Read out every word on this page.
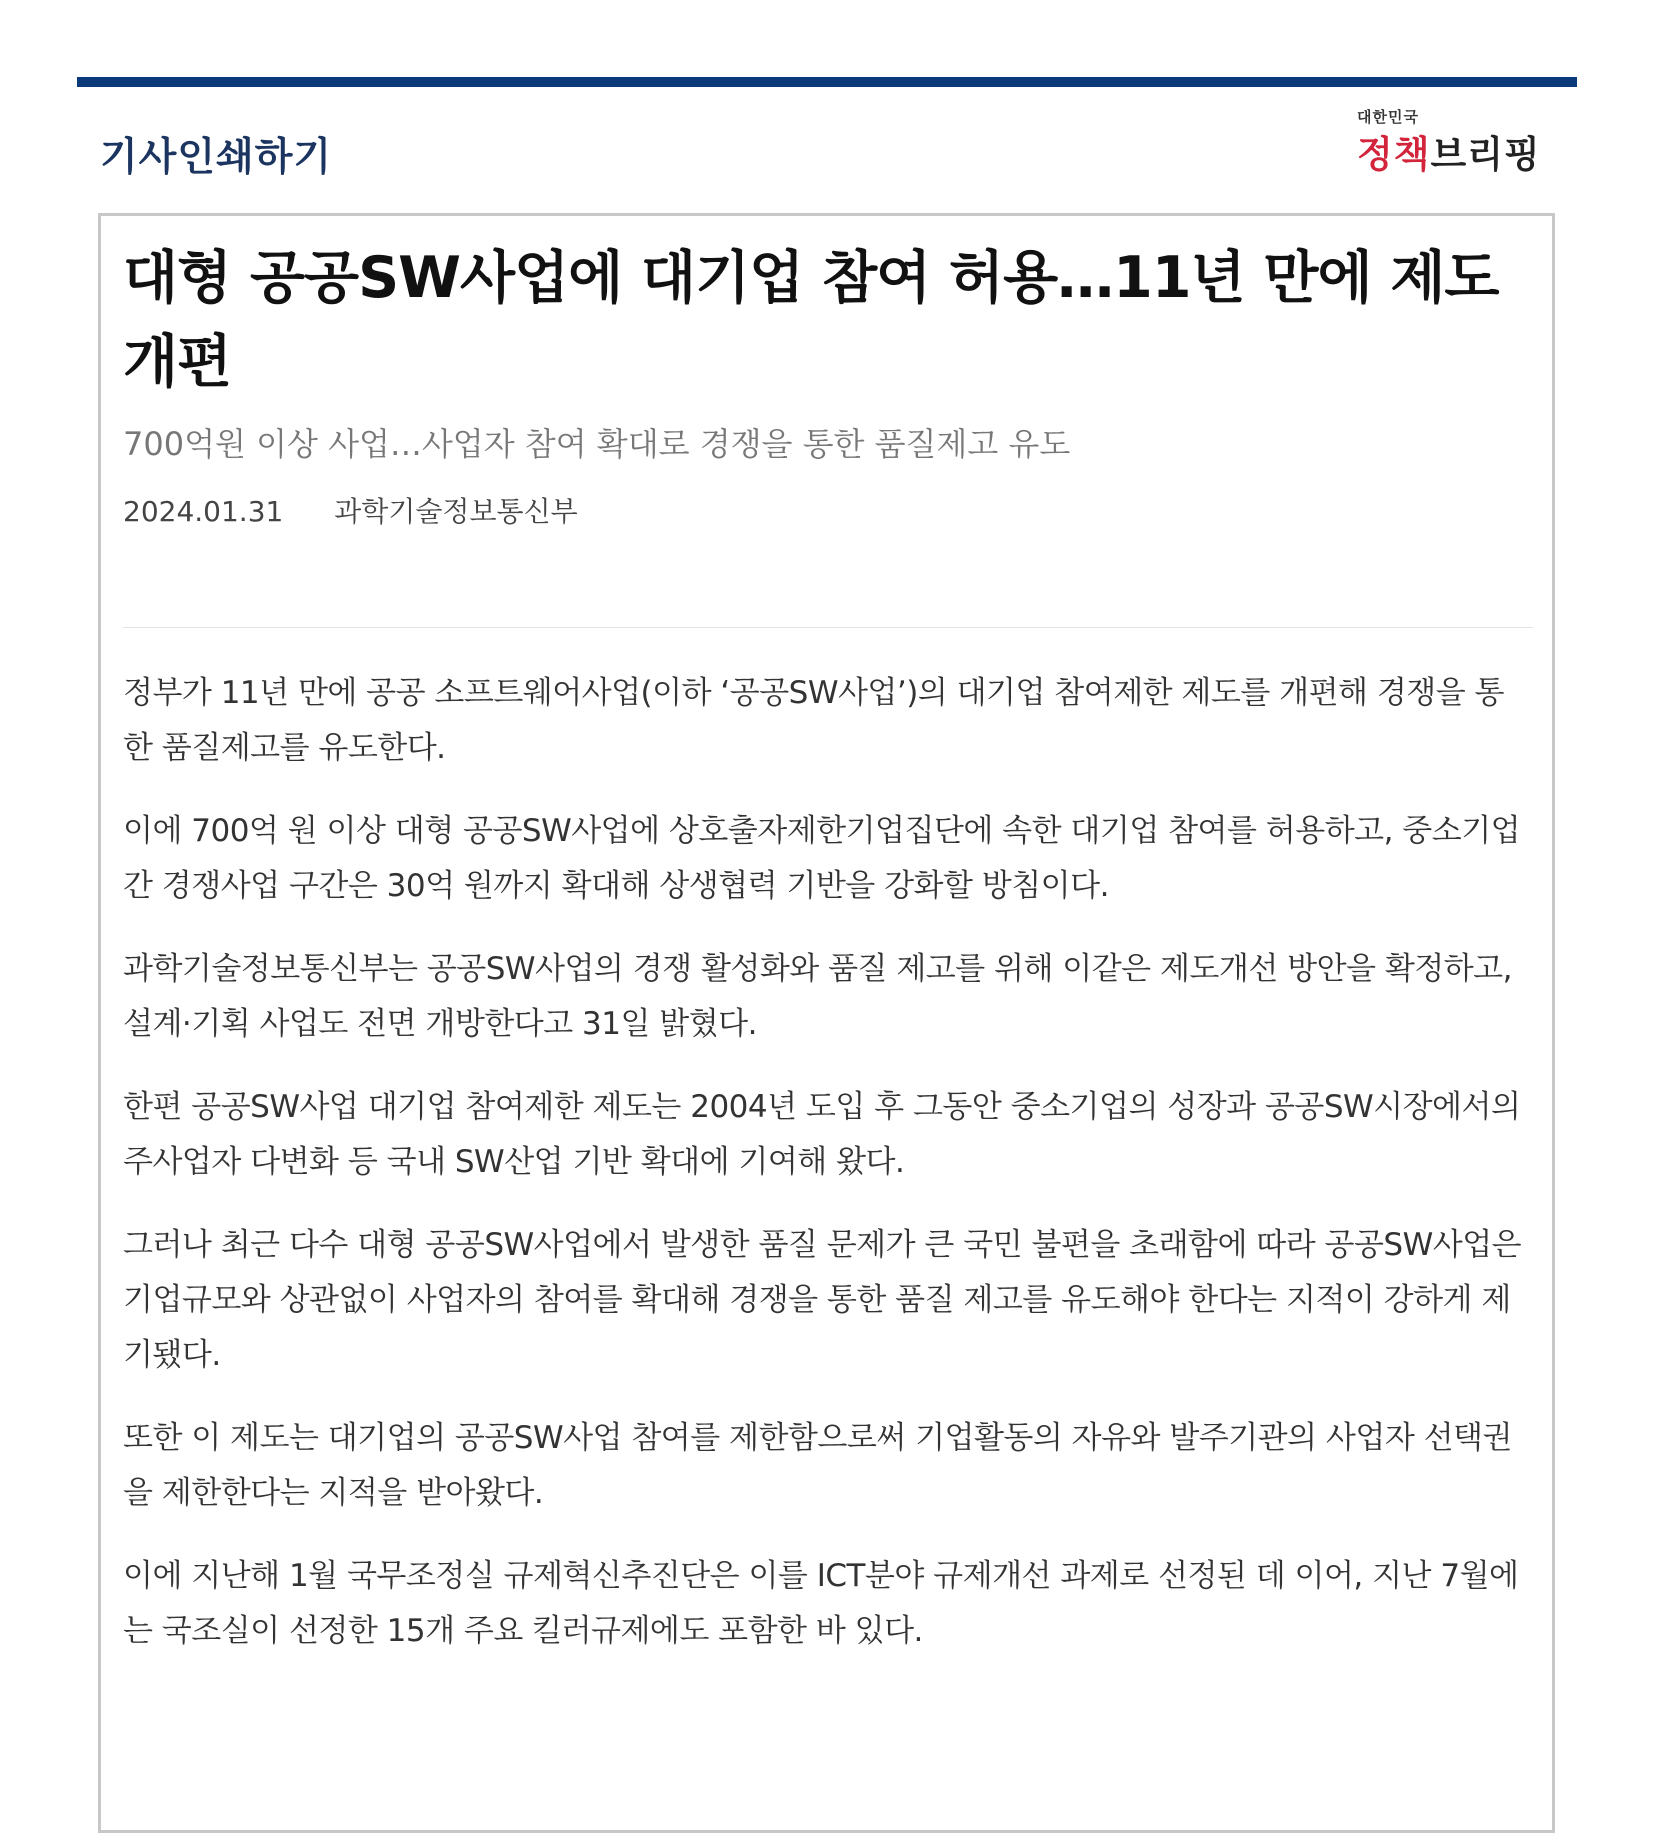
기사인쇄하기
대한민국
정책브리핑
대형 공공SW사업에 대기업 참여 허용…11년 만에 제도 개편
700억원 이상 사업…사업자 참여 확대로 경쟁을 통한 품질제고 유도
2024.01.31 과학기술정보통신부

정부가 11년 만에 공공 소프트웨어사업(이하 ‘공공SW사업’)의 대기업 참여제한 제도를 개편해 경쟁을 통한 품질제고를 유도한다.

이에 700억 원 이상 대형 공공SW사업에 상호출자제한기업집단에 속한 대기업 참여를 허용하고, 중소기업간 경쟁사업 구간은 30억 원까지 확대해 상생협력 기반을 강화할 방침이다.

과학기술정보통신부는 공공SW사업의 경쟁 활성화와 품질 제고를 위해 이같은 제도개선 방안을 확정하고, 설계·기획 사업도 전면 개방한다고 31일 밝혔다.

한편 공공SW사업 대기업 참여제한 제도는 2004년 도입 후 그동안 중소기업의 성장과 공공SW시장에서의 주사업자 다변화 등 국내 SW산업 기반 확대에 기여해 왔다.

그러나 최근 다수 대형 공공SW사업에서 발생한 품질 문제가 큰 국민 불편을 초래함에 따라 공공SW사업은 기업규모와 상관없이 사업자의 참여를 확대해 경쟁을 통한 품질 제고를 유도해야 한다는 지적이 강하게 제기됐다.

또한 이 제도는 대기업의 공공SW사업 참여를 제한함으로써 기업활동의 자유와 발주기관의 사업자 선택권을 제한한다는 지적을 받아왔다.

이에 지난해 1월 국무조정실 규제혁신추진단은 이를 ICT분야 규제개선 과제로 선정된 데 이어, 지난 7월에는 국조실이 선정한 15개 주요 킬러규제에도 포함한 바 있다.
